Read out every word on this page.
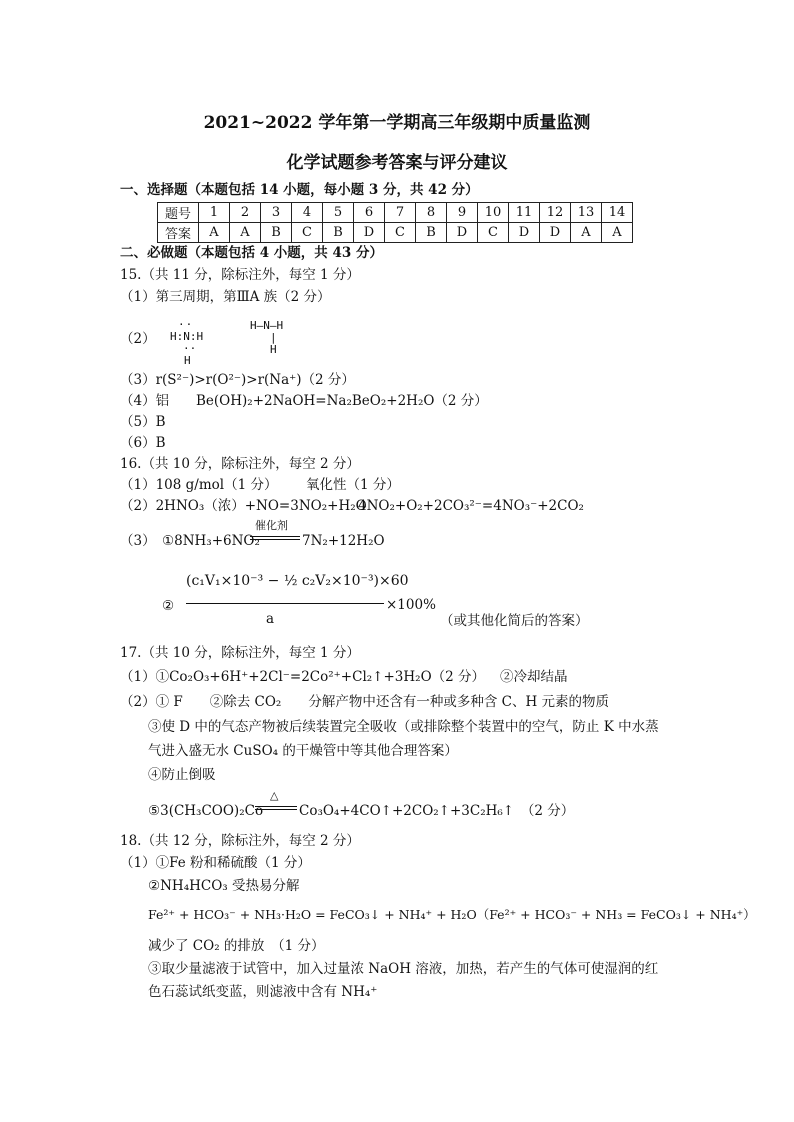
2021~2022 学年第一学期高三年级期中质量监测
化学试题参考答案与评分建议
一、选择题（本题包括 14 小题，每小题 3 分，共 42 分）
题号	1	2	3	4	5	6	7	8	9	10	11	12	13	14
答案	A	A	B	C	B	D	C	B	D	C	D	D	A	A
二、必做题（本题包括 4 小题，共 43 分）
15.（共 11 分，除标注外，每空 1 分）
（1）第三周期，第ⅢA 族（2 分）
（2）
··
H:N:H
··
H
H—N—H
|
H
（3）r(S²⁻)>r(O²⁻)>r(Na⁺)（2 分）
（4）铝 Be(OH)₂+2NaOH=Na₂BeO₂+2H₂O（2 分）
（5）B
（6）B
16.（共 10 分，除标注外，每空 2 分）
（1）108 g/mol（1 分） 氧化性（1 分）
（2）2HNO₃（浓）+NO=3NO₂+H₂O
4NO₂+O₂+2CO₃²⁻=4NO₃⁻+2CO₂
（3） ①8NH₃+6NO₂
催化剂
7N₂+12H₂O
②
(c₁V₁×10⁻³ − ½ c₂V₂×10⁻³)×60
×100%
a	（或其他化简后的答案）
17.（共 10 分，除标注外，每空 1 分）
（1）①Co₂O₃+6H⁺+2Cl⁻=2Co²⁺+Cl₂↑+3H₂O（2 分） ②冷却结晶
（2）① F　　②除去 CO₂　　分解产物中还含有一种或多种含 C、H 元素的物质
③使 D 中的气态产物被后续装置完全吸收（或排除整个装置中的空气，防止 K 中水蒸
气进入盛无水 CuSO₄ 的干燥管中等其他合理答案）
④防止倒吸
⑤3(CH₃COO)₂Co
△
Co₃O₄+4CO↑+2CO₂↑+3C₂H₆↑　（2 分）
18.（共 12 分，除标注外，每空 2 分）
（1）①Fe 粉和稀硫酸（1 分）
②NH₄HCO₃ 受热易分解
Fe²⁺ + HCO₃⁻ + NH₃·H₂O = FeCO₃↓ + NH₄⁺ + H₂O（Fe²⁺ + HCO₃⁻ + NH₃ = FeCO₃↓ + NH₄⁺）
减少了 CO₂ 的排放　（1 分）
③取少量滤液于试管中，加入过量浓 NaOH 溶液，加热，若产生的气体可使湿润的红
色石蕊试纸变蓝，则滤液中含有 NH₄⁺
